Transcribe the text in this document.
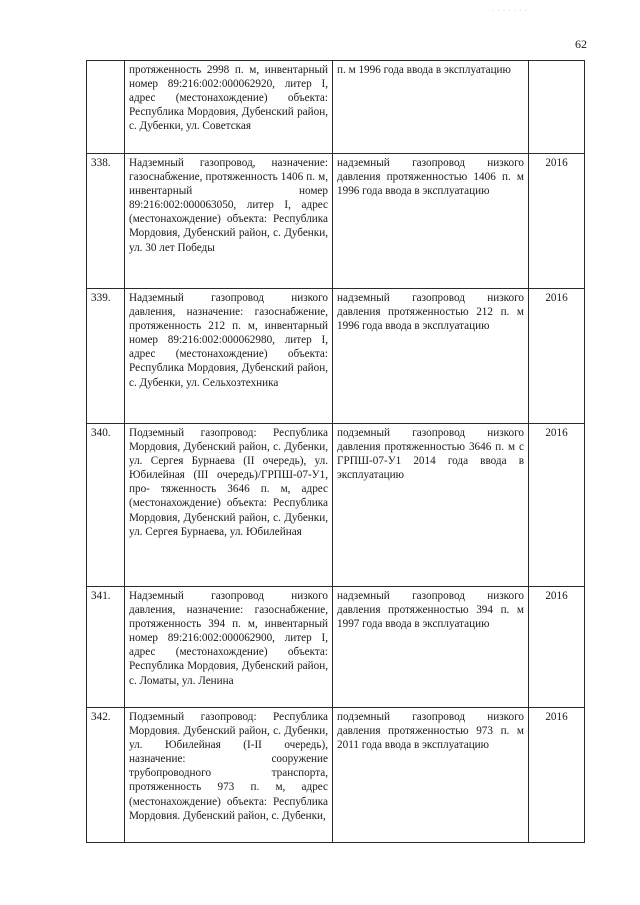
· · · · · · ·
62
	протяженность 2998 п. м, инвентарный номер 89:216:002:000062920, литер I, адрес (местонахождение) объекта: Республика Мордовия, Дубенский район, с. Дубенки, ул. Советская	п. м 1996 года ввода в эксплуатацию	
338.	Надземный газопровод, назначение: газоснабжение, протяженность 1406 п. м, инвентарный номер 89:216:002:000063050, литер I, адрес (местонахождение) объекта: Республика Мордовия, Дубенский район, с. Дубенки, ул. 30 лет Победы	надземный газопровод низкого давления протяженностью 1406 п. м 1996 года ввода в эксплуатацию	2016
339.	Надземный газопровод низкого давления, назначение: газоснабжение, протяженность 212 п. м, инвентарный номер 89:216:002:000062980, литер I, адрес (местонахождение) объекта: Республика Мордовия, Дубенский район, с. Дубенки, ул. Сельхозтехника	надземный газопровод низкого давления протяженностью 212 п. м 1996 года ввода в эксплуатацию	2016
340.	Подземный газопровод: Республика Мордовия, Дубенский район, с. Дубенки, ул. Сергея Бурнаева (II очередь), ул. Юбилейная (III очередь)/ГРПШ-07-У1, про- тяженность 3646 п. м, адрес (местонахождение) объекта: Республика Мордовия, Дубенский район, с. Дубенки, ул. Сергея Бурнаева, ул. Юбилейная	подземный газопровод низкого давления протяженностью 3646 п. м с ГРПШ-07-У1 2014 года ввода в эксплуатацию	2016
341.	Надземный газопровод низкого давления, назначение: газоснабжение, протяженность 394 п. м, инвентарный номер 89:216:002:000062900, литер I, адрес (местонахождение) объекта: Республика Мордовия, Дубенский район, с. Ломаты, ул. Ленина	надземный газопровод низкого давления протяженностью 394 п. м 1997 года ввода в эксплуатацию	2016
342.	Подземный газопровод: Республика Мордовия. Дубенский район, с. Дубенки, ул. Юбилейная (I-II очередь), назначение: сооружение трубопроводного транспорта, протяженность 973 п. м, адрес (местонахождение) объекта: Республика Мордовия. Дубенский район, с. Дубенки,	подземный газопровод низкого давления протяженностью 973 п. м 2011 года ввода в эксплуатацию	2016
